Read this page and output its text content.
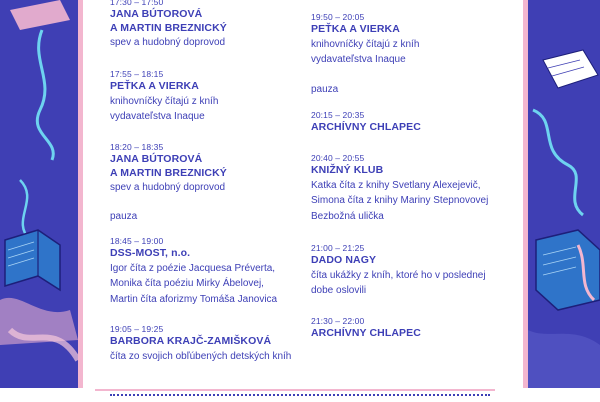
17:30 – 17:50
JANA BÚTOROVÁ
A MARTIN BREZNICKÝ
spev a hudobný doprovod
17:55 – 18:15
PEŤKA A VIERKA
knihovníčky čítajú z kníh
vydavateľstva Inaque
18:20 – 18:35
JANA BÚTOROVÁ
A MARTIN BREZNICKÝ
spev a hudobný doprovod
pauza
18:45 – 19:00
DSS-MOST, n.o.
Igor číta z poézie Jacquesa Préverta,
Monika číta poéziu Mirky Ábelovej,
Martin číta aforizmy Tomáša Janovica
19:05 – 19:25
BARBORA KRAJČ-ZAMIŠKOVÁ
číta zo svojich obľúbených detských kníh
19:50 – 20:05
PEŤKA A VIERKA
knihovníčky čítajú z kníh
vydavateľstva Inaque
pauza
20:15 – 20:35
ARCHÍVNY CHLAPEC
20:40 – 20:55
KNIŽNÝ KLUB
Katka číta z knihy Svetlany Alexejevič,
Simona číta z knihy Mariny Stepnovovej
Bezbožná ulička
21:00 – 21:25
DADO NAGY
číta ukážky z kníh, ktoré ho v poslednej
dobe oslovili
21:30 – 22:00
ARCHÍVNY CHLAPEC
